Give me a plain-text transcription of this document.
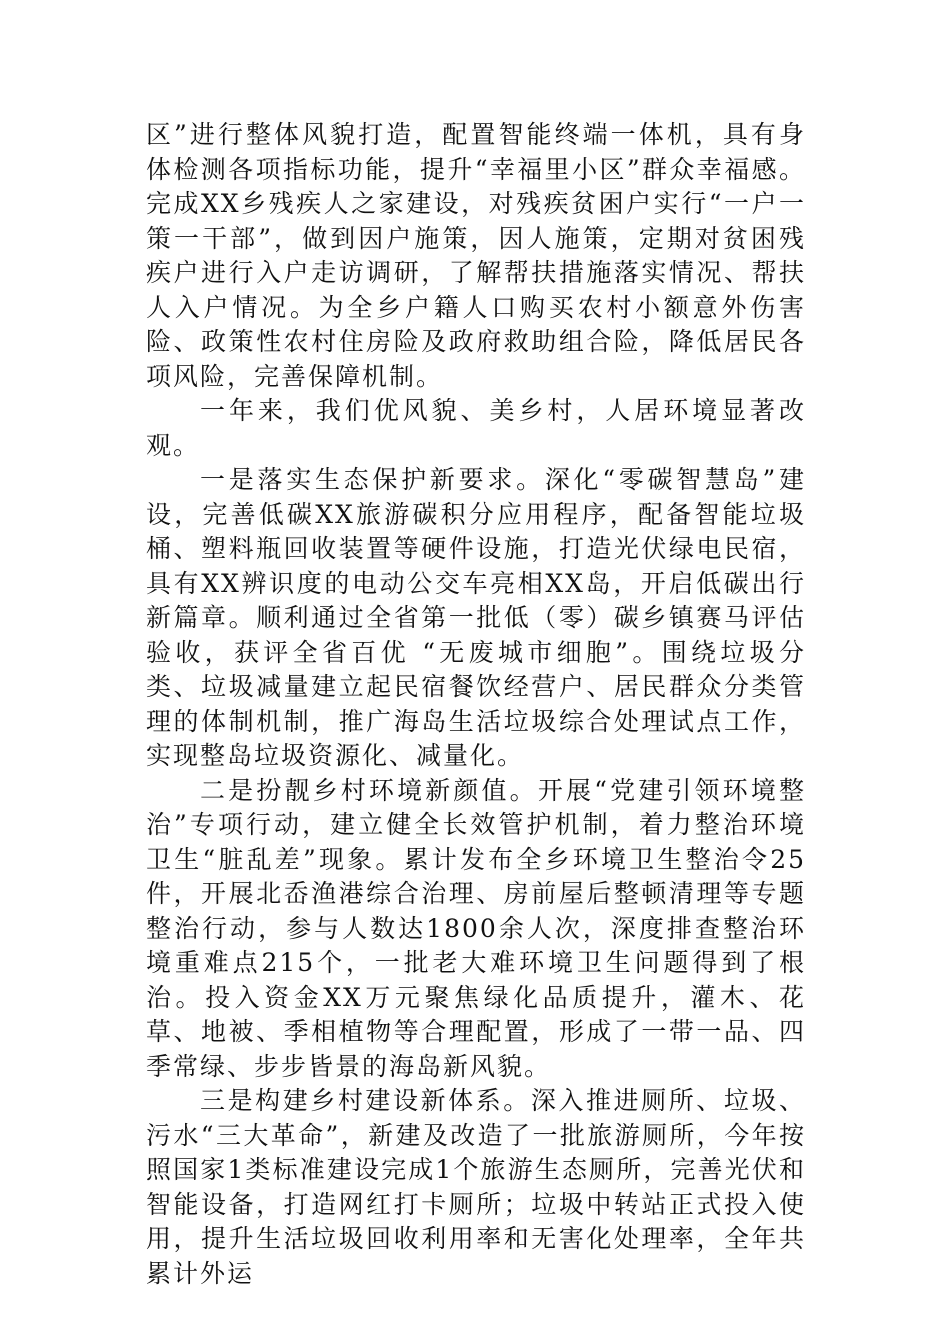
区”进行整体风貌打造，配置智能终端一体机，具有身体检测各项指标功能，提升“幸福里小区”群众幸福感。完成XX乡残疾人之家建设，对残疾贫困户实行“一户一策一干部”，做到因户施策，因人施策，定期对贫困残疾户进行入户走访调研，了解帮扶措施落实情况、帮扶人入户情况。为全乡户籍人口购买农村小额意外伤害险、政策性农村住房险及政府救助组合险，降低居民各项风险，完善保障机制。

一年来，我们优风貌、美乡村，人居环境显著改观。

一是落实生态保护新要求。深化“零碳智慧岛”建设，完善低碳XX旅游碳积分应用程序，配备智能垃圾桶、塑料瓶回收装置等硬件设施，打造光伏绿电民宿，具有XX辨识度的电动公交车亮相XX岛，开启低碳出行新篇章。顺利通过全省第一批低（零）碳乡镇赛马评估验收，获评全省百优 “无废城市细胞”。围绕垃圾分类、垃圾减量建立起民宿餐饮经营户、居民群众分类管理的体制机制，推广海岛生活垃圾综合处理试点工作，实现整岛垃圾资源化、减量化。

二是扮靓乡村环境新颜值。开展“党建引领环境整治”专项行动，建立健全长效管护机制，着力整治环境卫生“脏乱差”现象。累计发布全乡环境卫生整治令25件，开展北岙渔港综合治理、房前屋后整顿清理等专题整治行动，参与人数达1800余人次，深度排查整治环境重难点215个，一批老大难环境卫生问题得到了根治。投入资金XX万元聚焦绿化品质提升，灌木、花草、地被、季相植物等合理配置，形成了一带一品、四季常绿、步步皆景的海岛新风貌。

三是构建乡村建设新体系。深入推进厕所、垃圾、污水“三大革命”，新建及改造了一批旅游厕所，今年按照国家1类标准建设完成1个旅游生态厕所，完善光伏和智能设备，打造网红打卡厕所；垃圾中转站正式投入使用，提升生活垃圾回收利用率和无害化处理率，全年共累计外运
